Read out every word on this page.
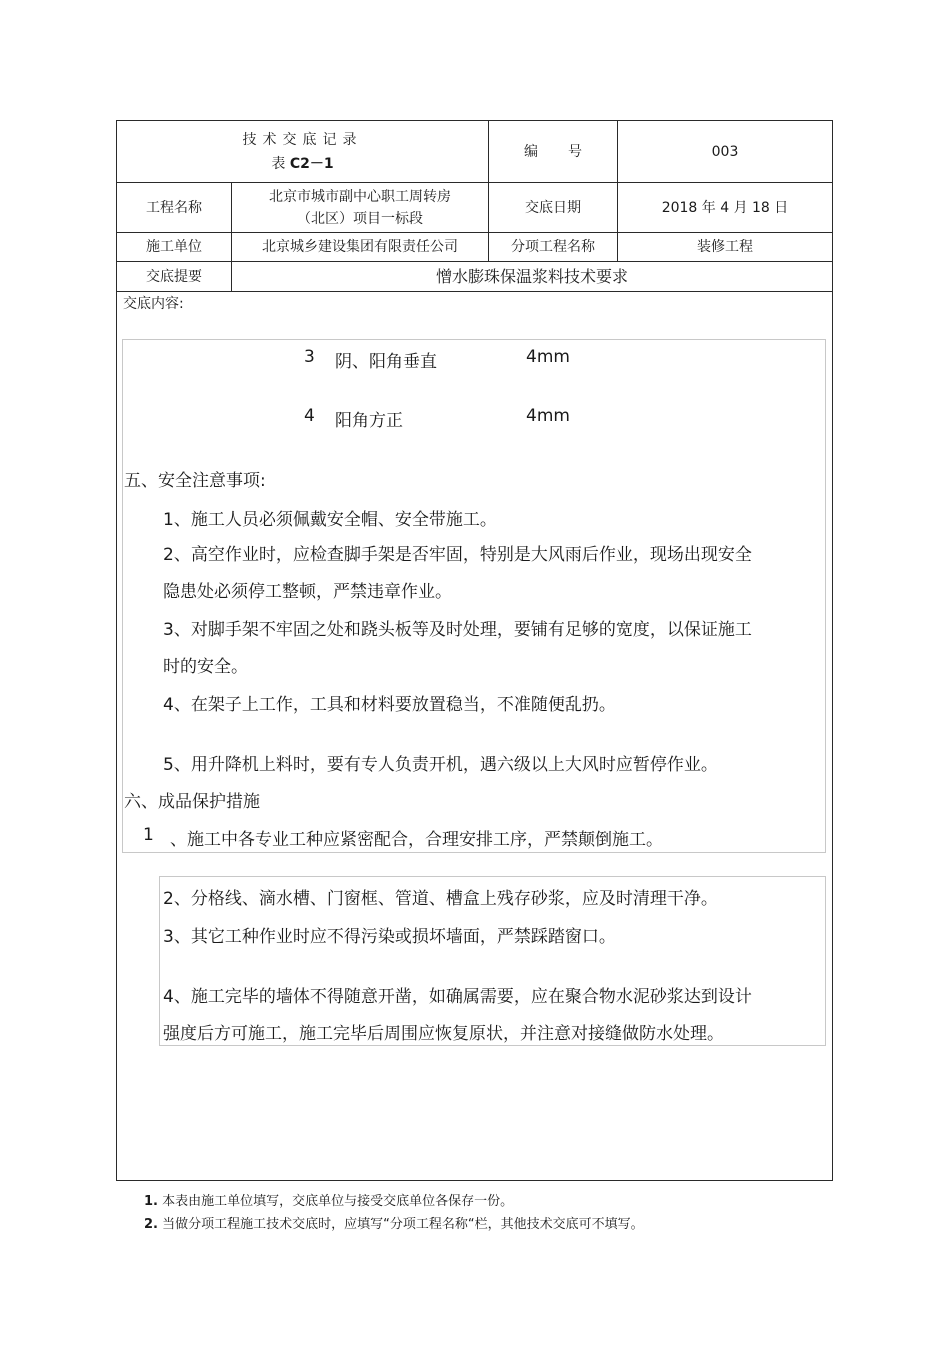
技术交底记录
表 C2－1
编号	003
工程名称
北京市城市副中心职工周转房
（北区）项目一标段
交底日期	2018 年 4 月 18 日
施工单位	北京城乡建设集团有限责任公司	分项工程名称	装修工程
交底提要	憎水膨珠保温浆料技术要求
交底内容:
3 阴、阳角垂直	4mm
4 阳角方正	4mm
五、安全注意事项:
1、施工人员必须佩戴安全帽、安全带施工。
2、高空作业时，应检查脚手架是否牢固，特别是大风雨后作业，现场出现安全
隐患处必须停工整顿，严禁违章作业。
3、对脚手架不牢固之处和跷头板等及时处理，要铺有足够的宽度，以保证施工
时的安全。
4、在架子上工作，工具和材料要放置稳当，不准随便乱扔。
5、用升降机上料时，要有专人负责开机，遇六级以上大风时应暂停作业。
六、成品保护措施
1 、施工中各专业工种应紧密配合，合理安排工序，严禁颠倒施工。
2、分格线、滴水槽、门窗框、管道、槽盒上残存砂浆，应及时清理干净。
3、其它工种作业时应不得污染或损坏墙面，严禁踩踏窗口。
4、施工完毕的墙体不得随意开凿，如确属需要，应在聚合物水泥砂浆达到设计
强度后方可施工，施工完毕后周围应恢复原状，并注意对接缝做防水处理。
1. 本表由施工单位填写，交底单位与接受交底单位各保存一份。
2. 当做分项工程施工技术交底时，应填写“分项工程名称“栏，其他技术交底可不填写。
